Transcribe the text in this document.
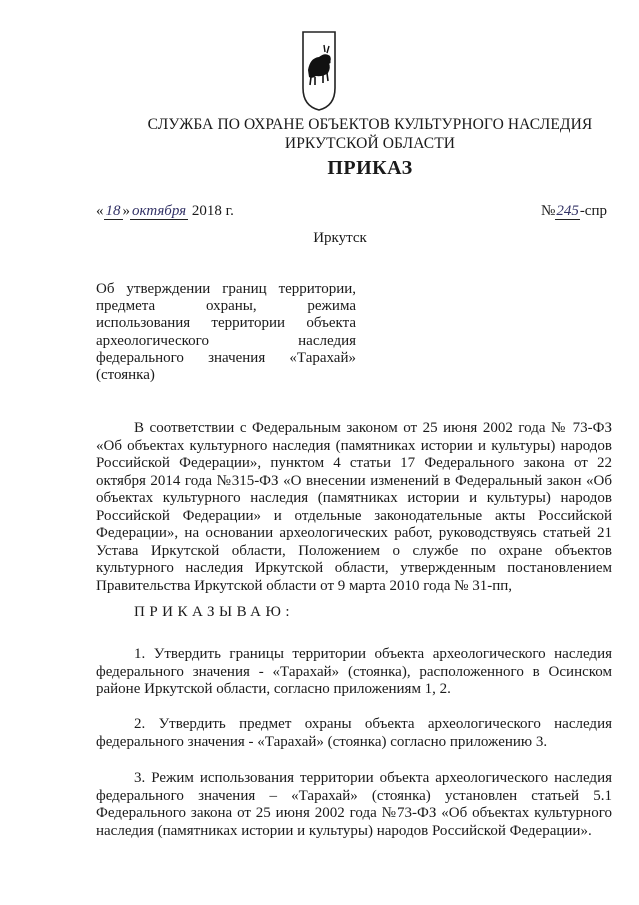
СЛУЖБА ПО ОХРАНЕ ОБЪЕКТОВ КУЛЬТУРНОГО НАСЛЕДИЯ
ИРКУТСКОЙ ОБЛАСТИ
ПРИКАЗ
« 18 » октября 2018 г.	№245-спр
Иркутск
Об утверждении границ территории,
предмета охраны, режима
использования территории объекта
археологического наследия
федерального значения «Тарахай»
(стоянка)
В соответствии с Федеральным законом от 25 июня 2002 года № 73-ФЗ «Об объектах культурного наследия (памятниках истории и культуры) народов Российской Федерации», пунктом 4 статьи 17 Федерального закона от 22 октября 2014 года №315-ФЗ «О внесении изменений в Федеральный закон «Об объектах культурного наследия (памятниках истории и культуры) народов Российской Федерации» и отдельные законодательные акты Российской Федерации», на основании археологических работ, руководствуясь статьей 21 Устава Иркутской области, Положением о службе по охране объектов культурного наследия Иркутской области, утвержденным постановлением Правительства Иркутской области от 9 марта 2010 года № 31-пп,
ПРИКАЗЫВАЮ:
1. Утвердить границы территории объекта археологического наследия федерального значения - «Тарахай» (стоянка), расположенного в Осинском районе Иркутской области, согласно приложениям 1, 2.
2. Утвердить предмет охраны объекта археологического наследия федерального значения - «Тарахай» (стоянка) согласно приложению 3.
3. Режим использования территории объекта археологического наследия федерального значения – «Тарахай» (стоянка) установлен статьей 5.1 Федерального закона от 25 июня 2002 года №73-ФЗ «Об объектах культурного наследия (памятниках истории и культуры) народов Российской Федерации».
